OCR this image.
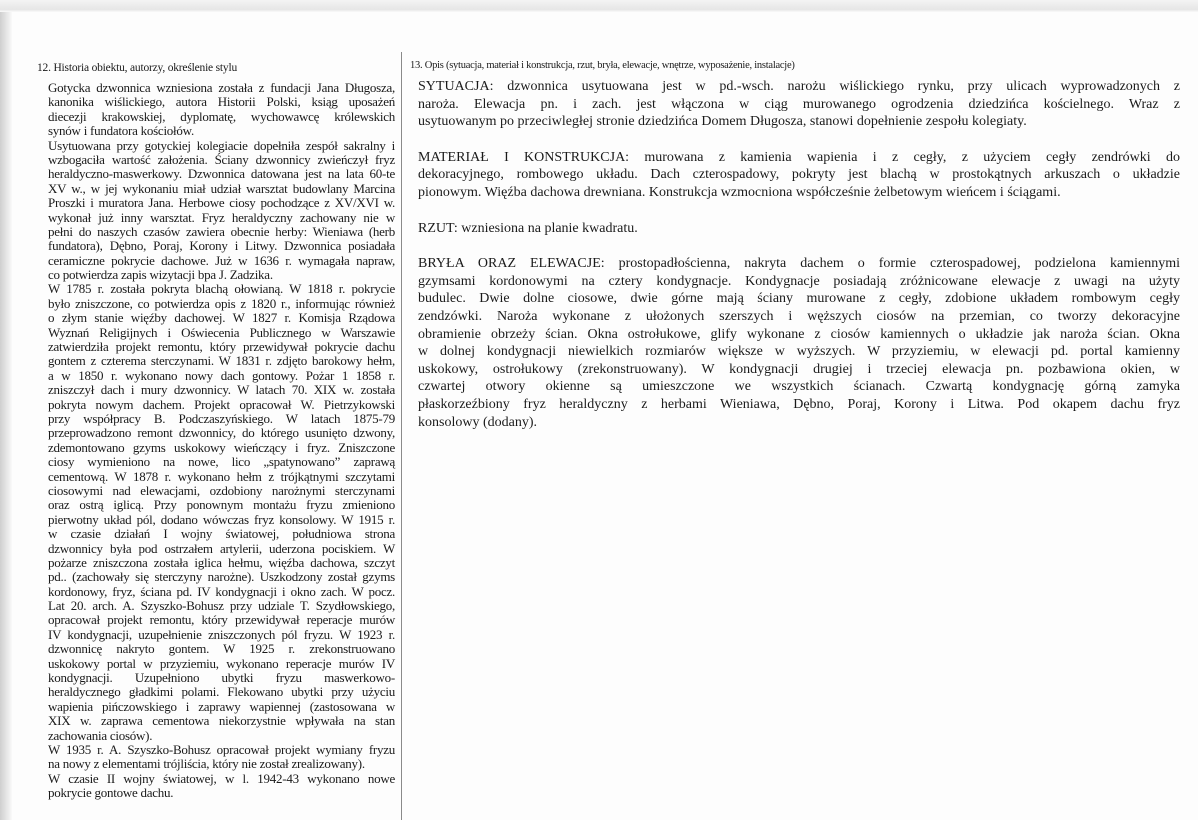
12. Historia obiektu, autorzy, określenie stylu
Gotycka dzwonnica wzniesiona została z fundacji Jana Długosza,
kanonika wiślickiego, autora Historii Polski, ksiąg uposażeń
diecezji krakowskiej, dyplomatę, wychowawcę królewskich
synów i fundatora kościołów.
Usytuowana przy gotyckiej kolegiacie dopełniła zespół sakralny i
wzbogaciła wartość założenia. Ściany dzwonnicy zwieńczył fryz
heraldyczno-maswerkowy. Dzwonnica datowana jest na lata 60-te
XV w., w jej wykonaniu miał udział warsztat budowlany Marcina
Proszki i muratora Jana. Herbowe ciosy pochodzące z XV/XVI w.
wykonał już inny warsztat. Fryz heraldyczny zachowany nie w
pełni do naszych czasów zawiera obecnie herby: Wieniawa (herb
fundatora), Dębno, Poraj, Korony i Litwy. Dzwonnica posiadała
ceramiczne pokrycie dachowe. Już w 1636 r. wymagała napraw,
co potwierdza zapis wizytacji bpa J. Zadzika.
W 1785 r. została pokryta blachą ołowianą. W 1818 r. pokrycie
było zniszczone, co potwierdza opis z 1820 r., informując również
o złym stanie więźby dachowej. W 1827 r. Komisja Rządowa
Wyznań Religijnych i Oświecenia Publicznego w Warszawie
zatwierdziła projekt remontu, który przewidywał pokrycie dachu
gontem z czterema sterczynami. W 1831 r. zdjęto barokowy hełm,
a w 1850 r. wykonano nowy dach gontowy. Pożar 1 1858 r.
zniszczył dach i mury dzwonnicy. W latach 70. XIX w. została
pokryta nowym dachem. Projekt opracował W. Pietrzykowski
przy współpracy B. Podczaszyńskiego. W latach 1875-79
przeprowadzono remont dzwonnicy, do którego usunięto dzwony,
zdemontowano gzyms uskokowy wieńczący i fryz. Zniszczone
ciosy wymieniono na nowe, lico „spatynowano” zaprawą
cementową. W 1878 r. wykonano hełm z trójkątnymi szczytami
ciosowymi nad elewacjami, ozdobiony narożnymi sterczynami
oraz ostrą iglicą. Przy ponownym montażu fryzu zmieniono
pierwotny układ pól, dodano wówczas fryz konsolowy. W 1915 r.
w czasie działań I wojny światowej, południowa strona
dzwonnicy była pod ostrzałem artylerii, uderzona pociskiem. W
pożarze zniszczona została iglica hełmu, więźba dachowa, szczyt
pd.. (zachowały się sterczyny narożne). Uszkodzony został gzyms
kordonowy, fryz, ściana pd. IV kondygnacji i okno zach. W pocz.
Lat 20. arch. A. Szyszko-Bohusz przy udziale T. Szydłowskiego,
opracował projekt remontu, który przewidywał reperacje murów
IV kondygnacji, uzupełnienie zniszczonych pól fryzu. W 1923 r.
dzwonnicę nakryto gontem. W 1925 r. zrekonstruowano
uskokowy portal w przyziemiu, wykonano reperacje murów IV
kondygnacji. Uzupełniono ubytki fryzu maswerkowo-
heraldycznego gładkimi polami. Flekowano ubytki przy użyciu
wapienia pińczowskiego i zaprawy wapiennej (zastosowana w
XIX w. zaprawa cementowa niekorzystnie wpływała na stan
zachowania ciosów).
W 1935 r. A. Szyszko-Bohusz opracował projekt wymiany fryzu
na nowy z elementami trójliścia, który nie został zrealizowany).
W czasie II wojny światowej, w l. 1942-43 wykonano nowe
pokrycie gontowe dachu.
13. Opis (sytuacja, materiał i konstrukcja, rzut, bryła, elewacje, wnętrze, wyposażenie, instalacje)
SYTUACJA: dzwonnica usytuowana jest w pd.-wsch. narożu wiślickiego rynku, przy ulicach wyprowadzonych z
naroża. Elewacja pn. i zach. jest włączona w ciąg murowanego ogrodzenia dziedzińca kościelnego. Wraz z
usytuowanym po przeciwległej stronie dziedzińca Domem Długosza, stanowi dopełnienie zespołu kolegiaty.
MATERIAŁ I KONSTRUKCJA: murowana z kamienia wapienia i z cegły, z użyciem cegły zendrówki do
dekoracyjnego, rombowego układu. Dach czterospadowy, pokryty jest blachą w prostokątnych arkuszach o układzie
pionowym. Więźba dachowa drewniana. Konstrukcja wzmocniona współcześnie żelbetowym wieńcem i ściągami.
RZUT: wzniesiona na planie kwadratu.
BRYŁA ORAZ ELEWACJE: prostopadłościenna, nakryta dachem o formie czterospadowej, podzielona kamiennymi
gzymsami kordonowymi na cztery kondygnacje. Kondygnacje posiadają zróżnicowane elewacje z uwagi na użyty
budulec. Dwie dolne ciosowe, dwie górne mają ściany murowane z cegły, zdobione układem rombowym cegły
zendzówki. Naroża wykonane z ułożonych szerszych i węższych ciosów na przemian, co tworzy dekoracyjne
obramienie obrzeży ścian. Okna ostrołukowe, glify wykonane z ciosów kamiennych o układzie jak naroża ścian. Okna
w dolnej kondygnacji niewielkich rozmiarów większe w wyższych. W przyziemiu, w elewacji pd. portal kamienny
uskokowy, ostrołukowy (zrekonstruowany). W kondygnacji drugiej i trzeciej elewacja pn. pozbawiona okien, w
czwartej otwory okienne są umieszczone we wszystkich ścianach. Czwartą kondygnację górną zamyka
płaskorzeźbiony fryz heraldyczny z herbami Wieniawa, Dębno, Poraj, Korony i Litwa. Pod okapem dachu fryz
konsolowy (dodany).
